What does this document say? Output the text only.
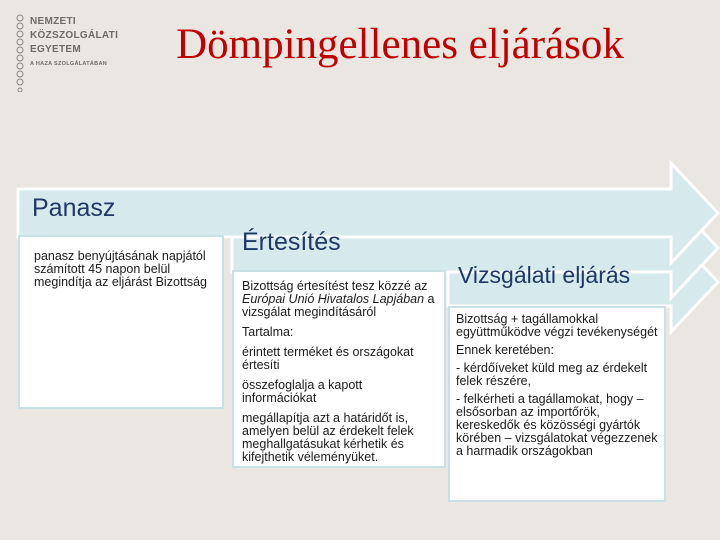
NEMZETI
KÖZSZOLGÁLATI
EGYETEM
A HAZA SZOLGÁLATÁBAN	Dömpingellenes eljárások
Panasz
Értesítés
Vizsgálati eljárás

panasz benyújtásának napjától számított 45 napon belül megindítja az eljárást Bizottság	Bizottság értesítést tesz közzé az Európai Unió Hivatalos Lapjában a vizsgálat megindításáról

Tartalma:

érintett terméket és országokat értesíti

összefoglalja a kapott információkat

megállapítja azt a határidőt is, amelyen belül az érdekelt felek meghallgatásukat kérhetik és kifejthetik véleményüket.

Bizottság + tagállamokkal együttműködve végzi tevékenységét

Ennek keretében:

- kérdőíveket küld meg az érdekelt felek részére,

- felkérheti a tagállamokat, hogy – elsősorban az importőrök, kereskedők és közösségi gyártók körében – vizsgálatokat végezzenek a harmadik országokban
